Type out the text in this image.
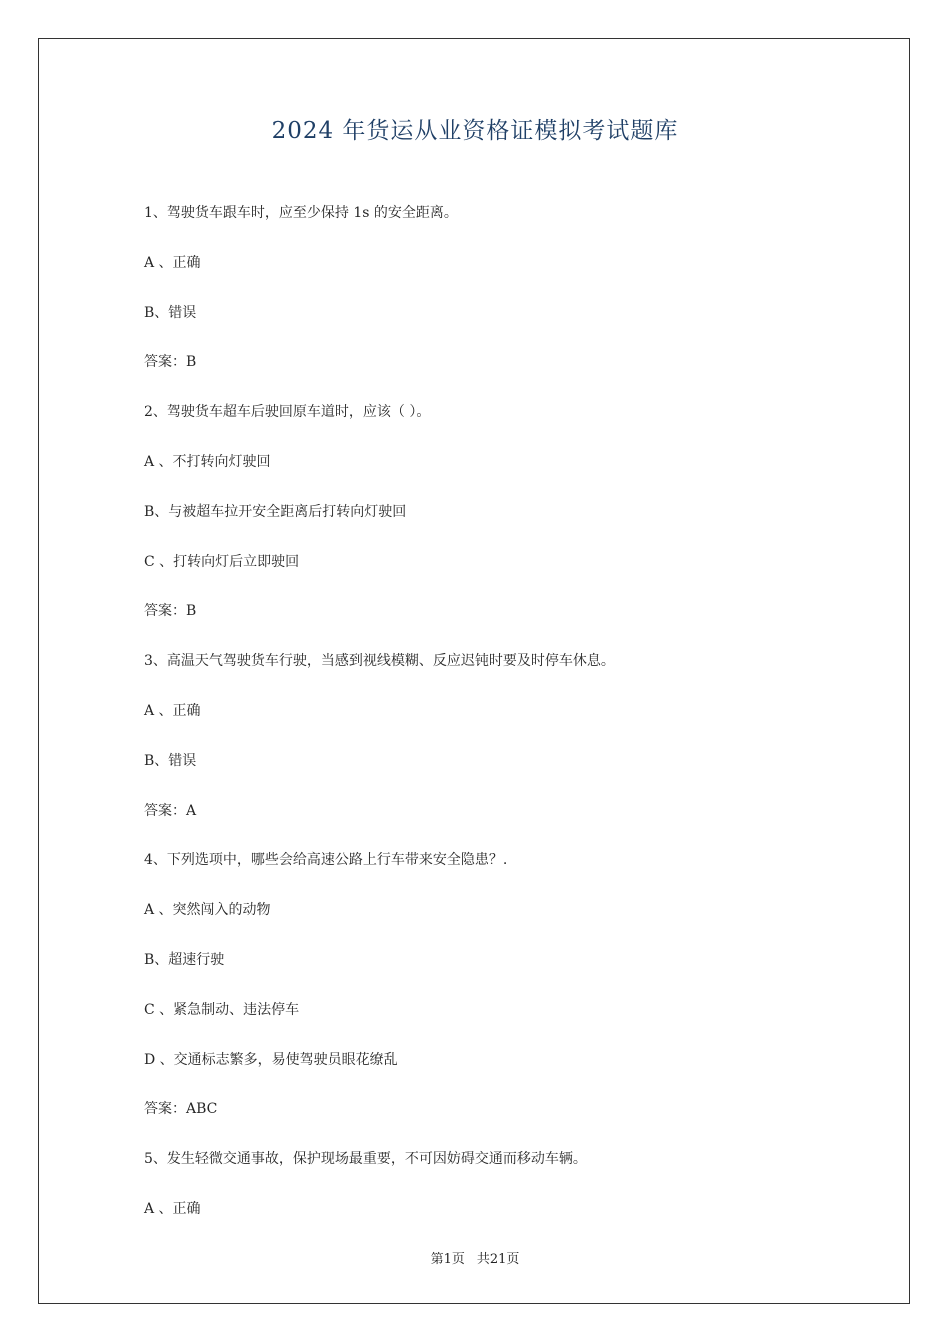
2024 年货运从业资格证模拟考试题库
1、驾驶货车跟车时，应至少保持 1s 的安全距离。
A 、正确
B、错误
答案：B
2、驾驶货车超车后驶回原车道时，应该（ ）。
A 、不打转向灯驶回
B、与被超车拉开安全距离后打转向灯驶回
C 、打转向灯后立即驶回
答案：B
3、高温天气驾驶货车行驶，当感到视线模糊、反应迟钝时要及时停车休息。
A 、正确
B、错误
答案：A
4、下列选项中，哪些会给高速公路上行车带来安全隐患？.
A 、突然闯入的动物
B、超速行驶
C 、紧急制动、违法停车
D 、交通标志繁多，易使驾驶员眼花缭乱
答案：ABC
5、发生轻微交通事故，保护现场最重要，不可因妨碍交通而移动车辆。
A 、正确
第1页 共21页
